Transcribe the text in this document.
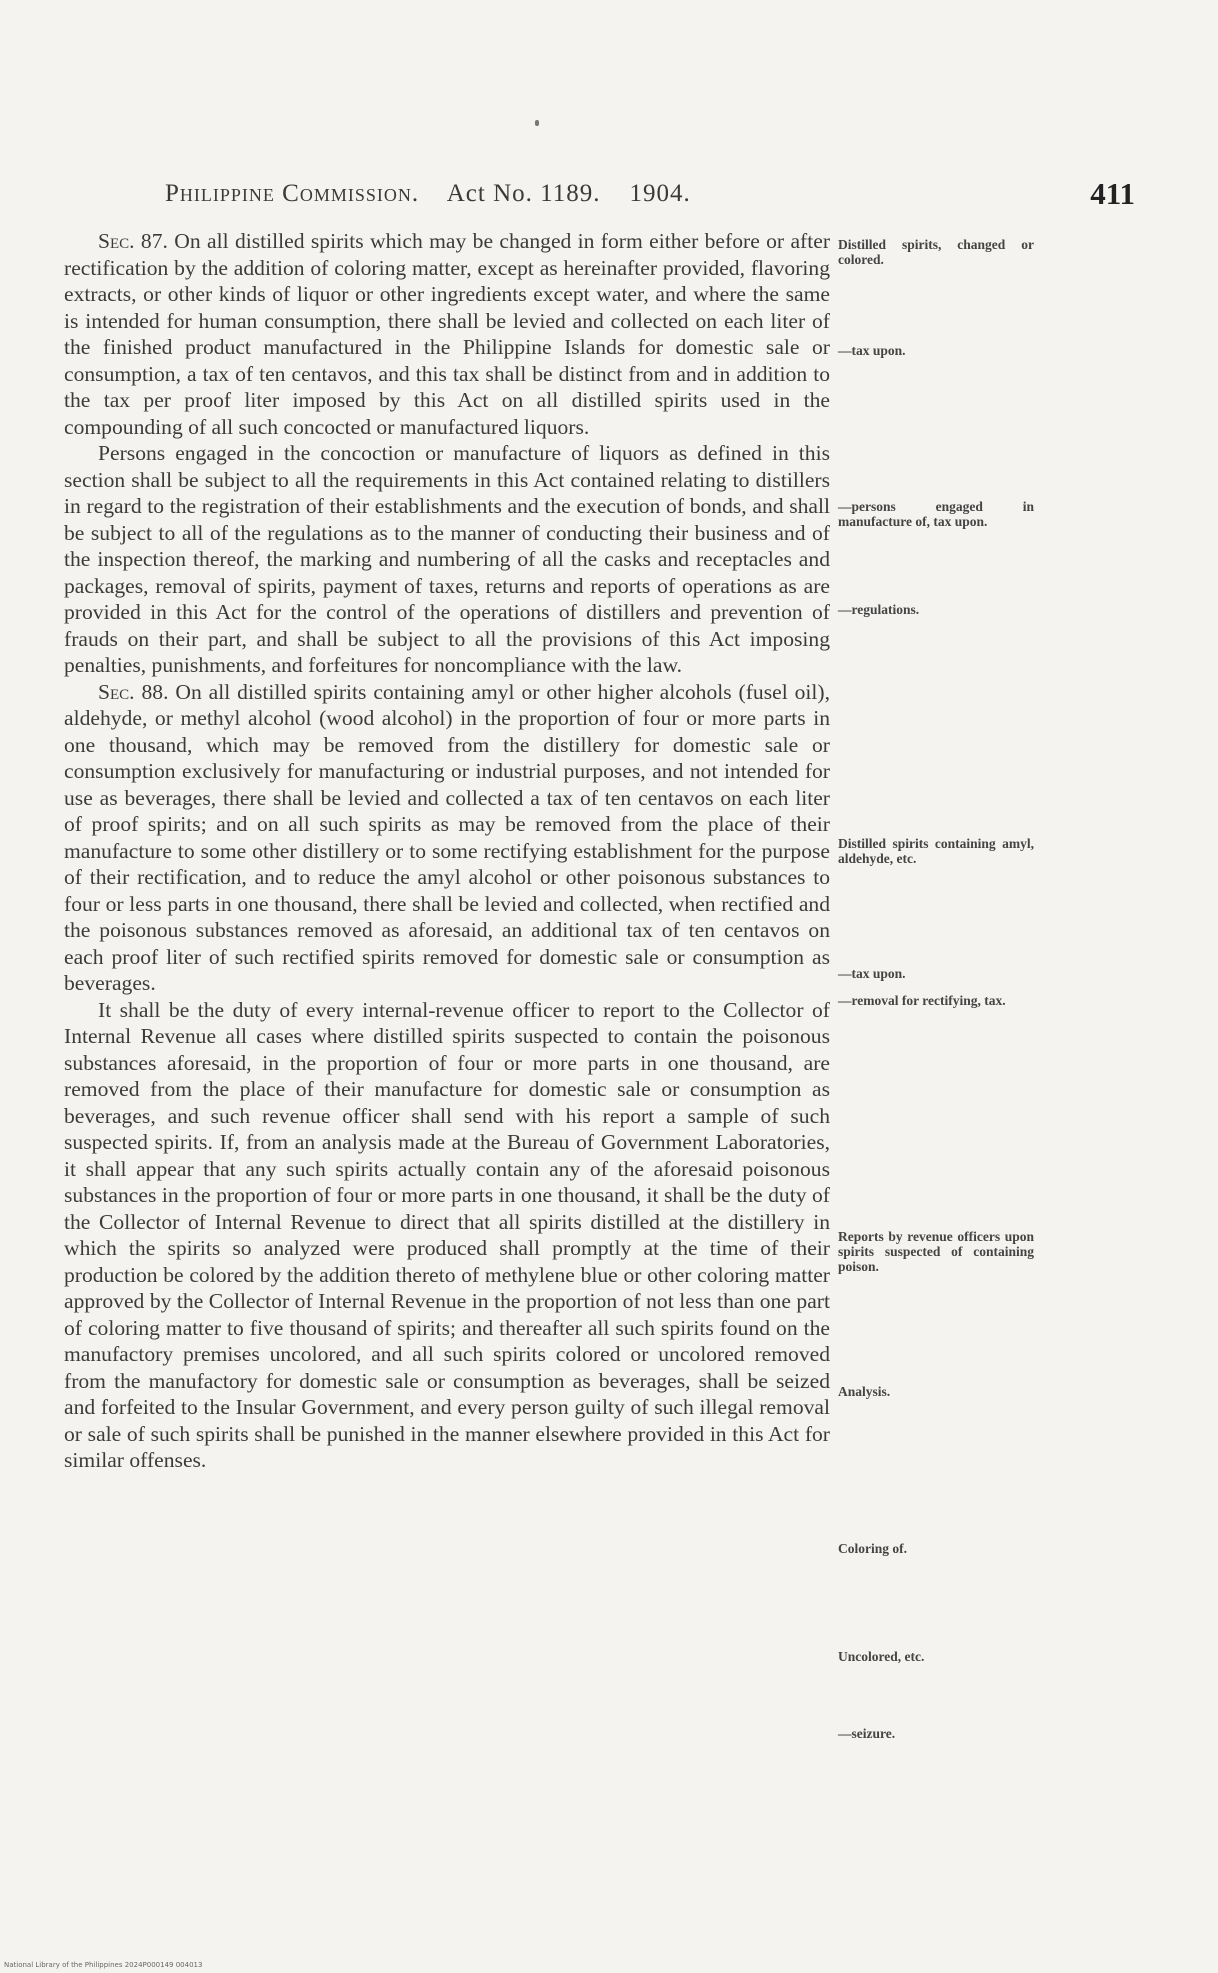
Philippine Commission. Act No. 1189. 1904.	411

Sec. 87. On all distilled spirits which may be changed in form either before or after rectification by the addition of coloring matter, except as hereinafter provided, flavoring extracts, or other kinds of liquor or other ingredients except water, and where the same is intended for human consumption, there shall be levied and collected on each liter of the finished product manufactured in the Philippine Islands for domestic sale or consumption, a tax of ten centavos, and this tax shall be distinct from and in addition to the tax per proof liter imposed by this Act on all distilled spirits used in the compounding of all such concocted or manufactured liquors.

Persons engaged in the concoction or manufacture of liquors as defined in this section shall be subject to all the requirements in this Act contained relating to distillers in regard to the registration of their establishments and the execution of bonds, and shall be subject to all of the regulations as to the manner of conducting their business and of the inspection thereof, the marking and numbering of all the casks and receptacles and packages, removal of spirits, payment of taxes, returns and reports of operations as are provided in this Act for the control of the operations of distillers and prevention of frauds on their part, and shall be subject to all the provisions of this Act imposing penalties, punishments, and forfeitures for noncompliance with the law.

Sec. 88. On all distilled spirits containing amyl or other higher alcohols (fusel oil), aldehyde, or methyl alcohol (wood alcohol) in the proportion of four or more parts in one thousand, which may be removed from the distillery for domestic sale or consumption exclusively for manufacturing or industrial purposes, and not intended for use as beverages, there shall be levied and collected a tax of ten centavos on each liter of proof spirits; and on all such spirits as may be removed from the place of their manufacture to some other distillery or to some rectifying establishment for the purpose of their rectification, and to reduce the amyl alcohol or other poisonous substances to four or less parts in one thousand, there shall be levied and collected, when rectified and the poisonous substances removed as aforesaid, an additional tax of ten centavos on each proof liter of such rectified spirits removed for domestic sale or consumption as beverages.

It shall be the duty of every internal-revenue officer to report to the Collector of Internal Revenue all cases where distilled spirits suspected to contain the poisonous substances aforesaid, in the proportion of four or more parts in one thousand, are removed from the place of their manufacture for domestic sale or consumption as beverages, and such revenue officer shall send with his report a sample of such suspected spirits. If, from an analysis made at the Bureau of Government Laboratories, it shall appear that any such spirits actually contain any of the aforesaid poisonous substances in the proportion of four or more parts in one thousand, it shall be the duty of the Collector of Internal Revenue to direct that all spirits distilled at the distillery in which the spirits so analyzed were produced shall promptly at the time of their production be colored by the addition thereto of methylene blue or other coloring matter approved by the Collector of Internal Revenue in the proportion of not less than one part of coloring matter to five thousand of spirits; and thereafter all such spirits found on the manufactory premises uncolored, and all such spirits colored or uncolored removed from the manufactory for domestic sale or consumption as beverages, shall be seized and forfeited to the Insular Government, and every person guilty of such illegal removal or sale of such spirits shall be punished in the manner elsewhere provided in this Act for similar offenses.

Distilled spirits, changed or colored.
—tax upon.
—persons engaged in manufacture of, tax upon.
—regulations.
Distilled spirits containing amyl, aldehyde, etc.
—tax upon.
—removal for rectifying, tax.
Reports by revenue officers upon spirits suspected of containing poison.
Analysis.
Coloring of.
Uncolored, etc.
—seizure.
National Library of the Philippines 2024P000149 004013
